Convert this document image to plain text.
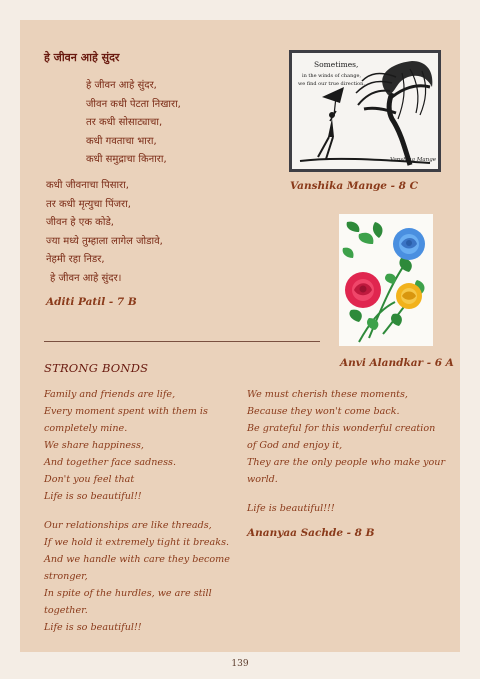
हे जीवन आहे सुंदर
हे जीवन आहे सुंदर,
जीवन कधी पेटता निखारा,
तर कधी सोसाट्याचा,
कधी गवताचा भारा,
कधी समुद्राचा किनारा,
कधी जीवनाचा पिसारा,
तर कधी मृत्युचा पिंजरा,
जीवन हे एक कोडे,
ज्या मध्ये तुम्हाला लागेल जोडावे,
नेहमी रहा निडर,
हे जीवन आहे सुंदर।
Aditi Patil - 7 B
Sometimes,
in the winds of change,
we find our true direction.
Vanshika Mange
Vanshika Mange - 8 C
Anvi Alandkar - 6 A
STRONG BONDS
Family and friends are life,
Every moment spent with them is
completely mine.
We share happiness,
And together face sadness.
Don't you feel that
Life is so beautiful!!
Our relationships are like threads,
If we hold it extremely tight it breaks.
And we handle with care they become
stronger,
In spite of the hurdles, we are still
together.
Life is so beautiful!!
We must cherish these moments,
Because they won't come back.
Be grateful for this wonderful creation
of God and enjoy it,
They are the only people who make your
world.
Life is beautiful!!!
Ananyaa Sachde - 8 B
139
